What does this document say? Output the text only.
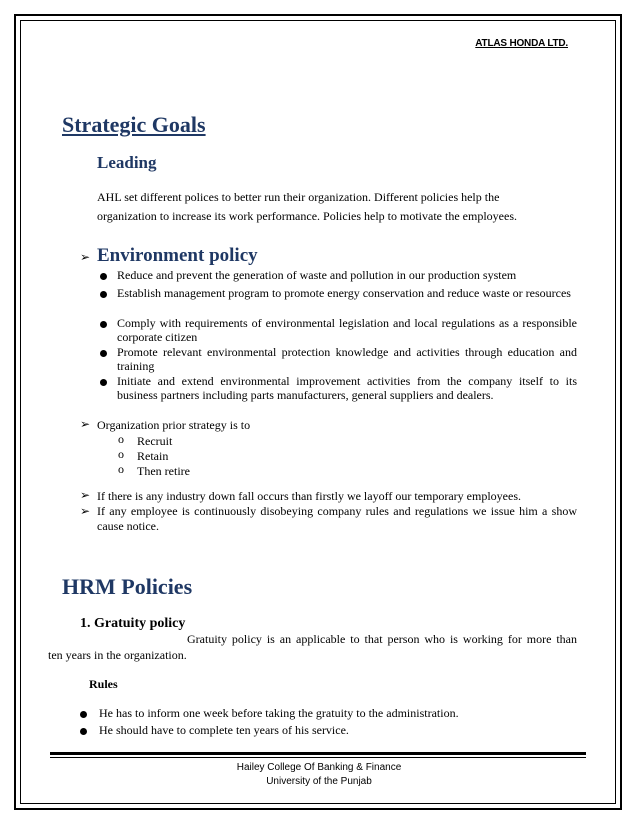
ATLAS HONDA LTD.
Strategic Goals
Leading
AHL set different polices to better run their organization. Different policies help the
organization to increase its work performance. Policies help to motivate the employees.
➢ Environment policy
Reduce and prevent the generation of waste and pollution in our production system
Establish management program to promote energy conservation and reduce waste or resources
Comply with requirements of environmental legislation and local regulations as a responsible corporate citizen
Promote relevant environmental protection knowledge and activities through education and training
Initiate and extend environmental improvement activities from the company itself to its business partners including parts manufacturers, general suppliers and dealers.
➢ Organization prior strategy is to
o Recruit
o Retain
o Then retire
➢ If there is any industry down fall occurs than firstly we layoff our temporary employees.
➢ If any employee is continuously disobeying company rules and regulations we issue him a show cause notice.
HRM Policies
1. Gratuity policy
Gratuity policy is an applicable to that person who is working for more than
ten years in the organization.
Rules
He has to inform one week before taking the gratuity to the administration.
He should have to complete ten years of his service.
Hailey College Of Banking & Finance
University of the Punjab
